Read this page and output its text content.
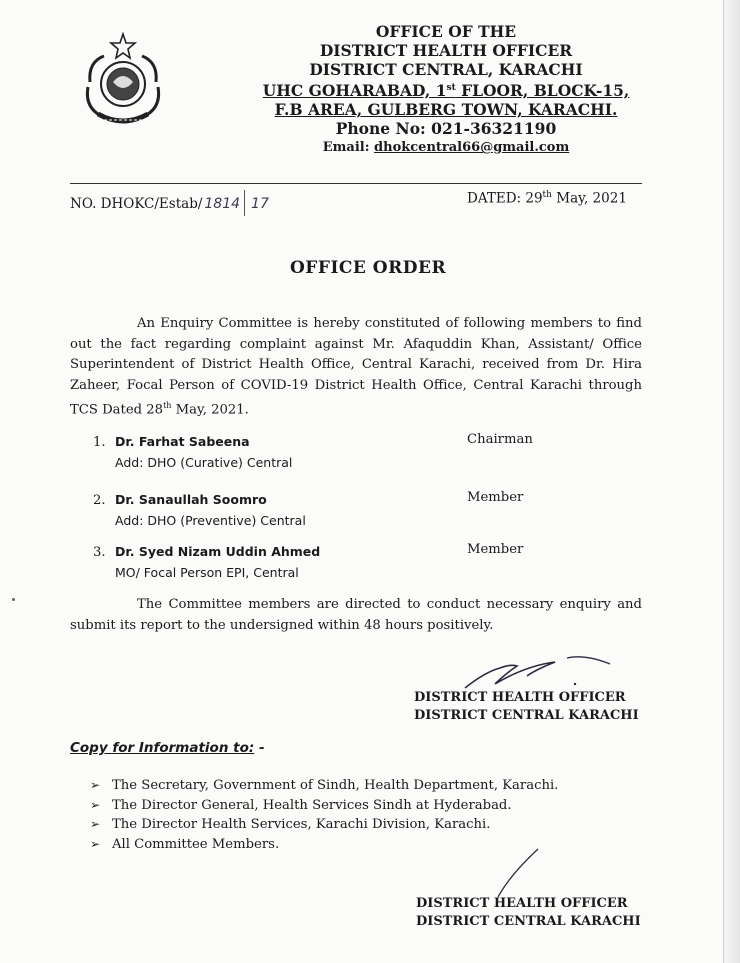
OFFICE OF THE
DISTRICT HEALTH OFFICER
DISTRICT CENTRAL, KARACHI
UHC GOHARABAD, 1st FLOOR, BLOCK-15,
F.B AREA, GULBERG TOWN, KARACHI.
Phone No: 021-36321190
Email: dhokcentral66@gmail.com
NO. DHOKC/Estab/ 1814 17	DATED: 29th May, 2021
OFFICE ORDER
An Enquiry Committee is hereby constituted of following members to find out the fact regarding complaint against Mr. Afaquddin Khan, Assistant/ Office Superintendent of District Health Office, Central Karachi, received from Dr. Hira Zaheer, Focal Person of COVID-19 District Health Office, Central Karachi through TCS Dated 28th May, 2021.
1. Dr. Farhat Sabeena
Add: DHO (Curative) Central
Chairman
2. Dr. Sanaullah Soomro
Add: DHO (Preventive) Central
Member
3. Dr. Syed Nizam Uddin Ahmed
MO/ Focal Person EPI, Central
Member
The Committee members are directed to conduct necessary enquiry and submit its report to the undersigned within 48 hours positively.
DISTRICT HEALTH OFFICER
DISTRICT CENTRAL KARACHI
Copy for Information to: -
➢ The Secretary, Government of Sindh, Health Department, Karachi.
➢ The Director General, Health Services Sindh at Hyderabad.
➢ The Director Health Services, Karachi Division, Karachi.
➢ All Committee Members.
DISTRICT HEALTH OFFICER
DISTRICT CENTRAL KARACHI
